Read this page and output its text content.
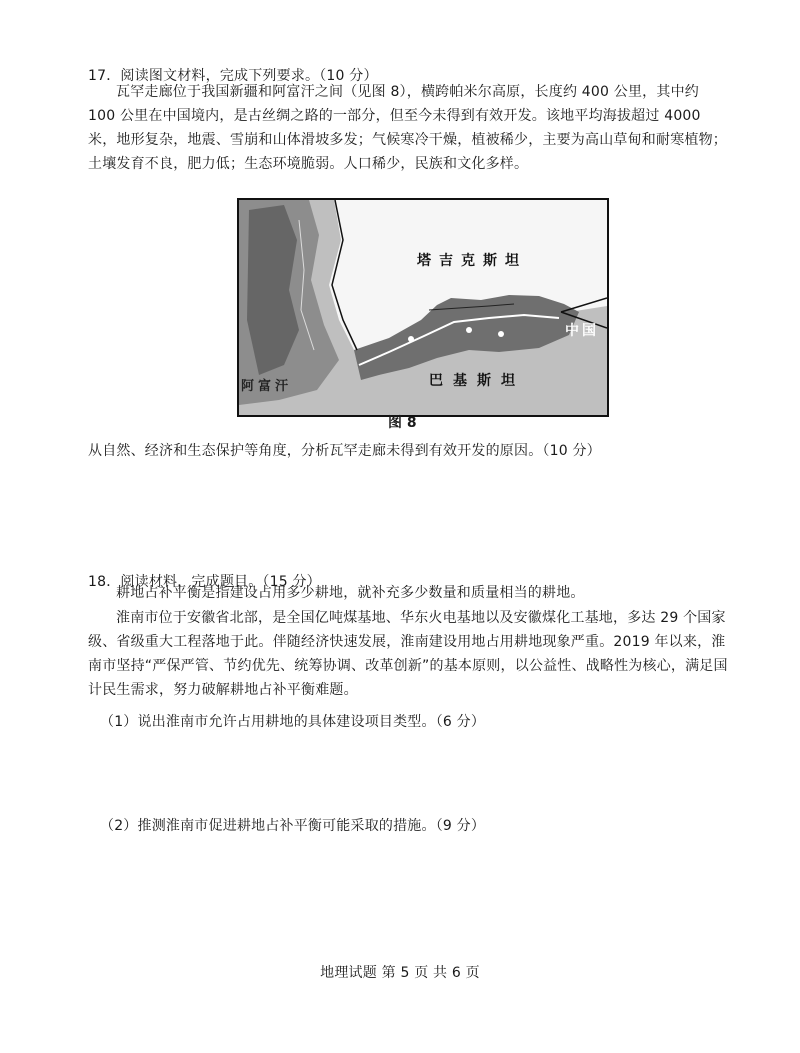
17．阅读图文材料，完成下列要求。（10 分）
瓦罕走廊位于我国新疆和阿富汗之间（见图 8），横跨帕米尔高原，长度约 400 公里，其中约 100 公里在中国境内，是古丝绸之路的一部分，但至今未得到有效开发。该地平均海拔超过 4000 米，地形复杂，地震、雪崩和山体滑坡多发；气候寒冷干燥，植被稀少，主要为高山草甸和耐寒植物；土壤发育不良，肥力低；生态环境脆弱。人口稀少，民族和文化多样。
塔吉克斯坦
巴基斯坦
中国
阿富汗
图 8
从自然、经济和生态保护等角度，分析瓦罕走廊未得到有效开发的原因。（10 分）
18．阅读材料，完成题目。（15 分）
耕地占补平衡是指建设占用多少耕地，就补充多少数量和质量相当的耕地。
淮南市位于安徽省北部，是全国亿吨煤基地、华东火电基地以及安徽煤化工基地，多达 29 个国家级、省级重大工程落地于此。伴随经济快速发展，淮南建设用地占用耕地现象严重。2019 年以来，淮南市坚持“严保严管、节约优先、统筹协调、改革创新”的基本原则，以公益性、战略性为核心，满足国计民生需求，努力破解耕地占补平衡难题。
（1）说出淮南市允许占用耕地的具体建设项目类型。（6 分）
（2）推测淮南市促进耕地占补平衡可能采取的措施。（9 分）
地理试题 第 5 页 共 6 页
